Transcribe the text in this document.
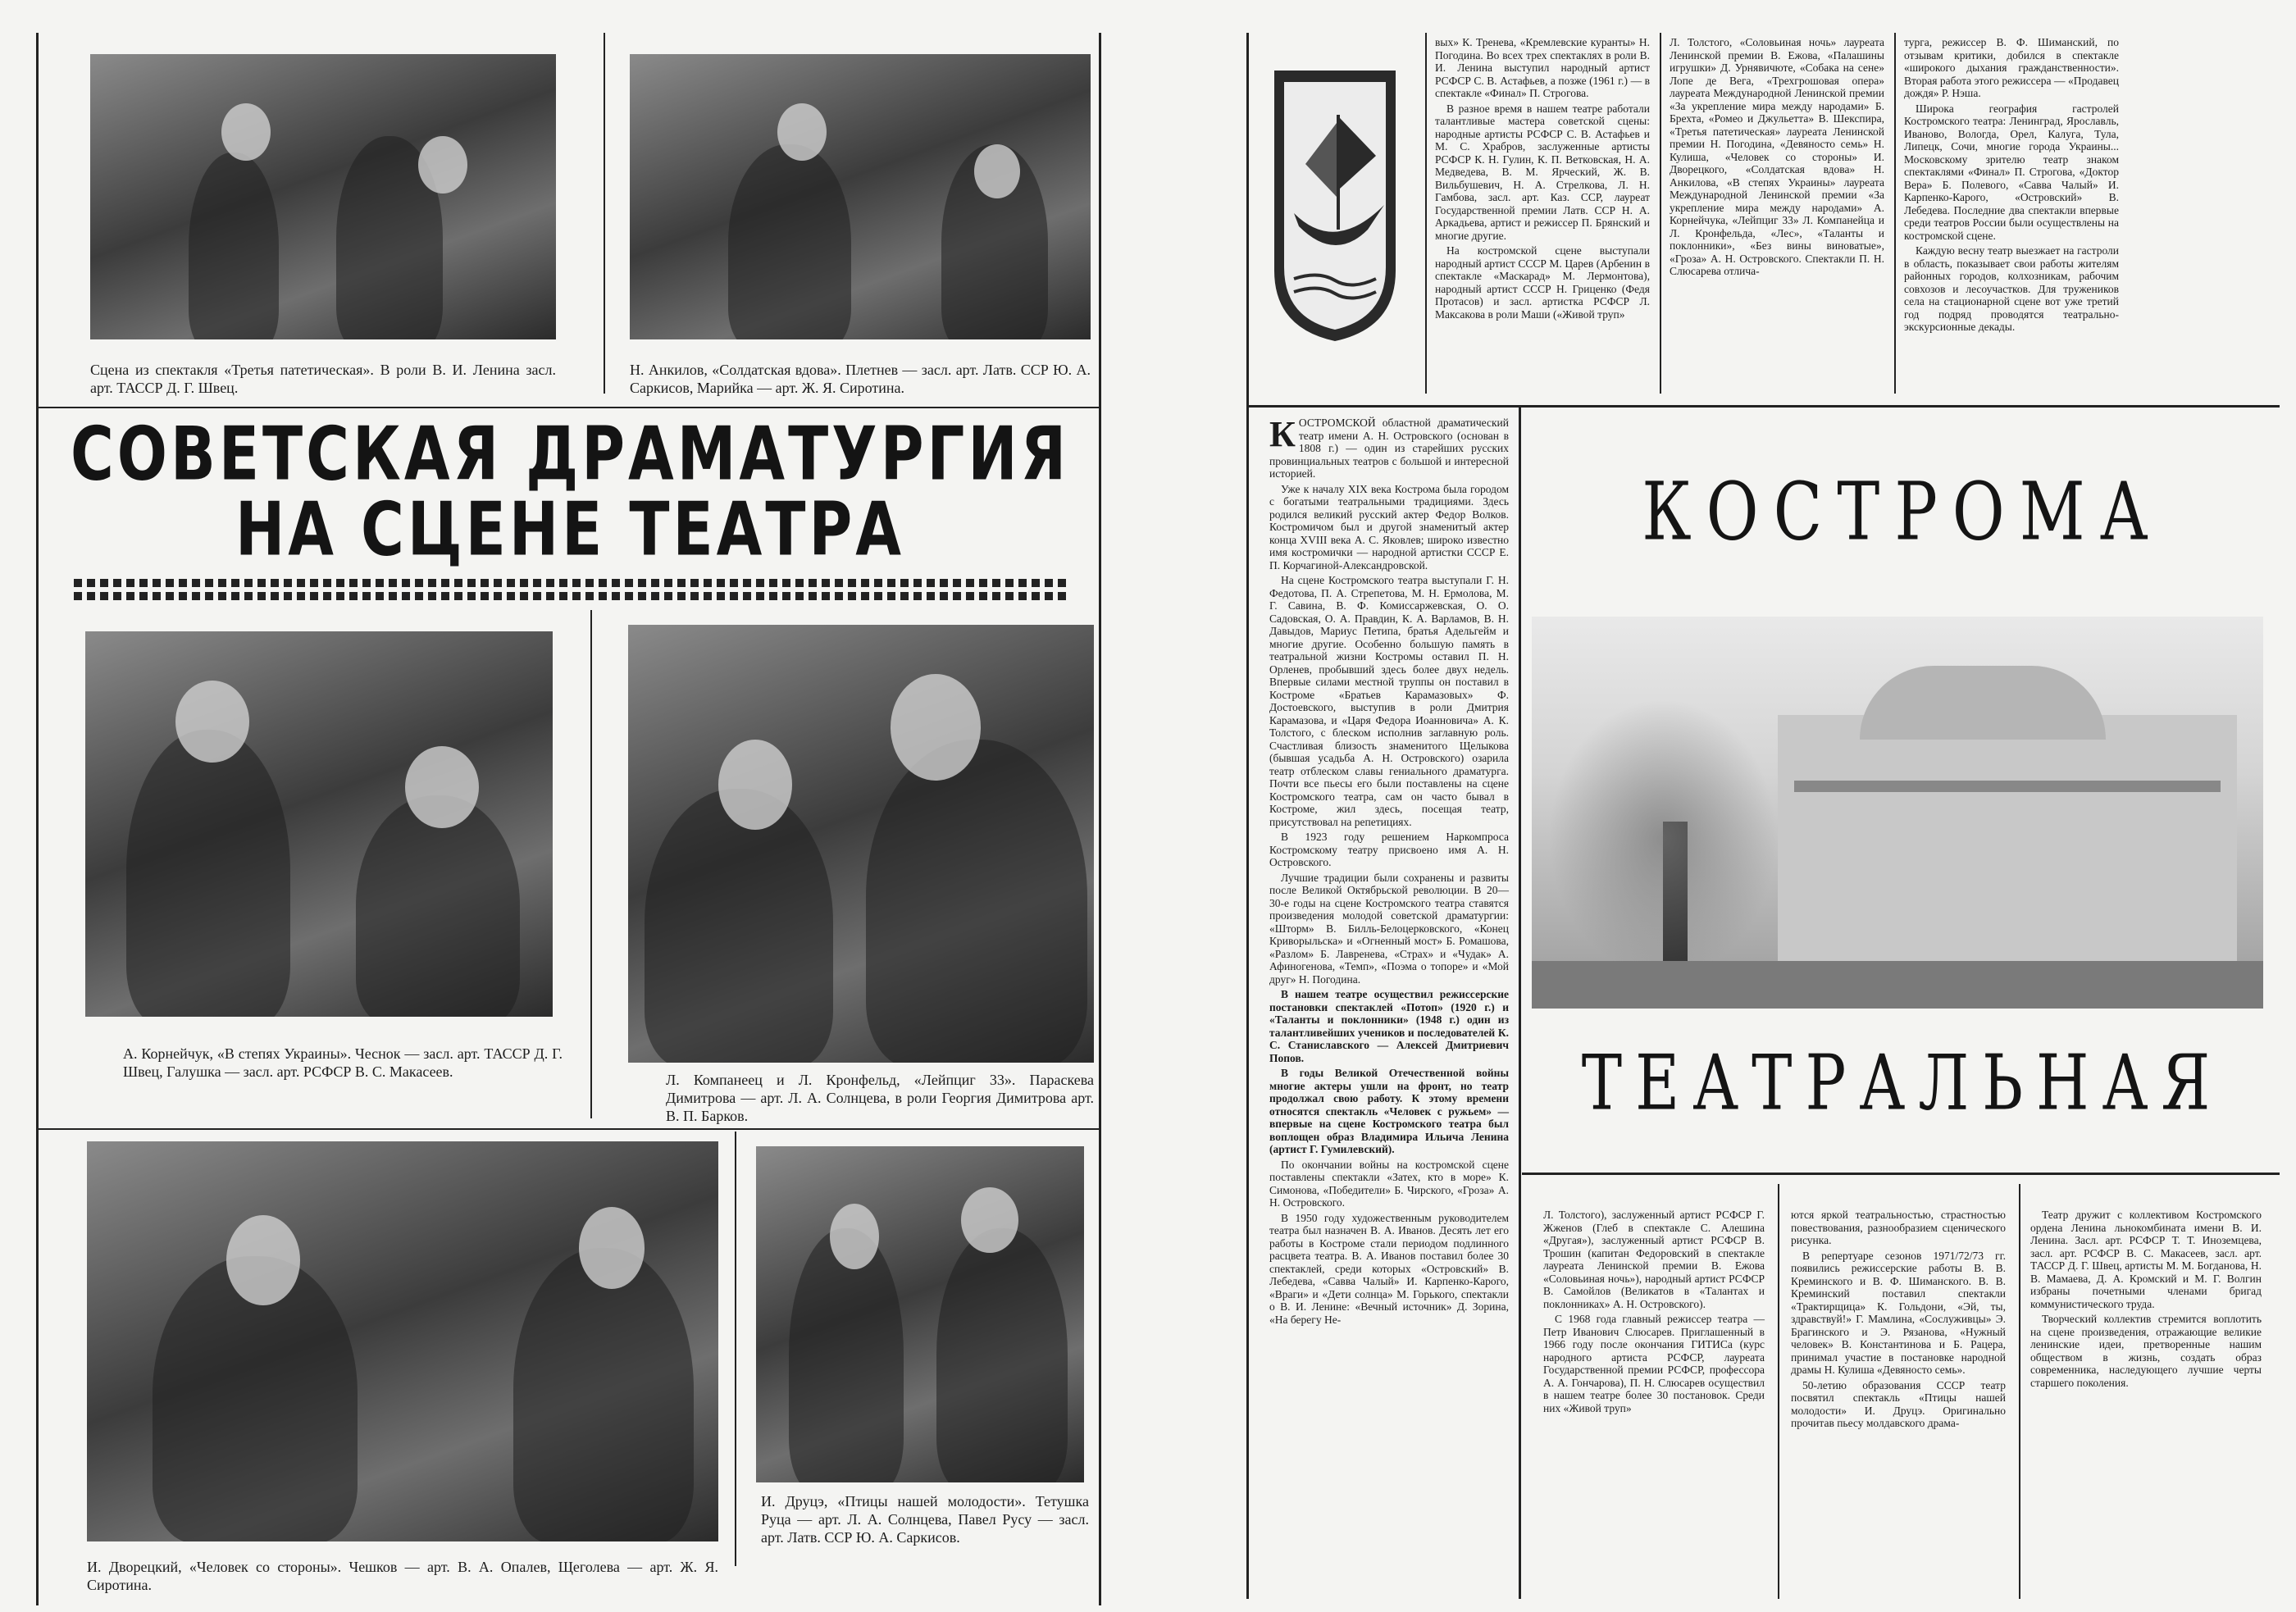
Сцена из спектакля «Третья патетическая». В роли В. И. Ленина засл. арт. ТАССР Д. Г. Швец.
Н. Анкилов, «Солдатская вдова». Плетнев — засл. арт. Латв. ССР Ю. А. Саркисов, Марийка — арт. Ж. Я. Сиротина.
СОВЕТСКАЯ ДРАМАТУРГИЯ
НА СЦЕНЕ ТЕАТРА
А. Корнейчук, «В степях Украины». Чеснок — засл. арт. ТАССР Д. Г. Швец, Галушка — засл. арт. РСФСР В. С. Макасеев.	Л. Компанеец и Л. Кронфельд, «Лейпциг 33». Параскева Димитрова — арт. Л. А. Солнцева, в роли Георгия Димитрова арт. В. П. Барков.
И. Друцэ, «Птицы нашей молодости». Тетушка Руца — арт. Л. А. Солнцева, Павел Русу — засл. арт. Латв. ССР Ю. А. Саркисов.
И. Дворецкий, «Человек со стороны». Чешков — арт. В. А. Опалев, Щеголева — арт. Ж. Я. Сиротина.

вых» К. Тренева, «Кремлевские куранты» Н. Погодина. Во всех трех спектаклях в роли В. И. Ленина выступил народный артист РСФСР С. В. Астафьев, а позже (1961 г.) — в спектакле «Финал» П. Строгова.

В разное время в нашем театре работали талантливые мастера советской сцены: народные артисты РСФСР С. В. Астафьев и М. С. Храбров, заслуженные артисты РСФСР К. Н. Гулин, К. П. Ветковская, Н. А. Медведева, В. М. Ярческий, Ж. В. Вильбушевич, Н. А. Стрелкова, Л. Н. Гамбова, засл. арт. Каз. ССР, лауреат Государственной премии Латв. ССР Н. А. Аркадьева, артист и режиссер П. Брянский и многие другие.

На костромской сцене выступали народный артист СССР М. Царев (Арбенин в спектакле «Маскарад» М. Лермонтова), народный артист СССР Н. Гриценко (Федя Протасов) и засл. артистка РСФСР Л. Максакова в роли Маши («Живой труп»

Л. Толстого, «Соловьиная ночь» лауреата Ленинской премии В. Ежова, «Палашины игрушки» Д. Урнявичюте, «Собака на сене» Лопе де Вега, «Трехгрошовая опера» лауреата Международной Ленинской премии «За укрепление мира между народами» Б. Брехта, «Ромео и Джульетта» В. Шекспира, «Третья патетическая» лауреата Ленинской премии Н. Погодина, «Девяносто семь» Н. Кулиша, «Человек со стороны» И. Дворецкого, «Солдатская вдова» Н. Анкилова, «В степях Украины» лауреата Международной Ленинской премии «За укрепление мира между народами» А. Корнейчука, «Лейпциг 33» Л. Компанейца и Л. Кронфельда, «Лес», «Таланты и поклонники», «Без вины виноватые», «Гроза» А. Н. Островского. Спектакли П. Н. Слюсарева отлича-

турга, режиссер В. Ф. Шиманский, по отзывам критики, добился в спектакле «широкого дыхания гражданственности». Вторая работа этого режиссера — «Продавец дождя» Р. Нэша.

Широка география гастролей Костромского театра: Ленинград, Ярославль, Иваново, Вологда, Орел, Калуга, Тула, Липецк, Сочи, многие города Украины... Московскому зрителю театр знаком спектаклями «Финал» П. Строгова, «Доктор Вера» Б. Полевого, «Савва Чалый» И. Карпенко-Карого, «Островский» В. Лебедева. Последние два спектакли впервые среди театров России были осуществлены на костромской сцене.

Каждую весну театр выезжает на гастроли в область, показывает свои работы жителям районных городов, колхозникам, рабочим совхозов и лесоучастков. Для тружеников села на стационарной сцене вот уже третий год подряд проводятся театрально-экскурсионные декады.

КОСТРОМСКОЙ областной драматический театр имени А. Н. Островского (основан в 1808 г.) — один из старейших русских провинциальных театров с большой и интересной историей.

Уже к началу XIX века Кострома была городом с богатыми театральными традициями. Здесь родился великий русский актер Федор Волков. Костромичом был и другой знаменитый актер конца XVIII века А. С. Яковлев; широко известно имя костромички — народной артистки СССР Е. П. Корчагиной-Александровской.

На сцене Костромского театра выступали Г. Н. Федотова, П. А. Стрепетова, М. Н. Ермолова, М. Г. Савина, В. Ф. Комиссаржевская, О. О. Садовская, О. А. Правдин, К. А. Варламов, В. Н. Давыдов, Мариус Петипа, братья Адельгейм и многие другие. Особенно большую память в театральной жизни Костромы оставил П. Н. Орленев, пробывший здесь более двух недель. Впервые силами местной труппы он поставил в Костроме «Братьев Карамазовых» Ф. Достоевского, выступив в роли Дмитрия Карамазова, и «Царя Федора Иоанновича» А. К. Толстого, с блеском исполнив заглавную роль. Счастливая близость знаменитого Щелыкова (бывшая усадьба А. Н. Островского) озарила театр отблеском славы гениального драматурга. Почти все пьесы его были поставлены на сцене Костромского театра, сам он часто бывал в Костроме, жил здесь, посещая театр, присутствовал на репетициях.

В 1923 году решением Наркомпроса Костромскому театру присвоено имя А. Н. Островского.

Лучшие традиции были сохранены и развиты после Великой Октябрьской революции. В 20—30-е годы на сцене Костромского театра ставятся произведения молодой советской драматургии: «Шторм» В. Билль-Белоцерковского, «Конец Криворыльска» и «Огненный мост» Б. Ромашова, «Разлом» Б. Лавренева, «Страх» и «Чудак» А. Афиногенова, «Темп», «Поэма о топоре» и «Мой друг» Н. Погодина.

В нашем театре осуществил режиссерские постановки спектаклей «Потоп» (1920 г.) и «Таланты и поклонники» (1948 г.) один из талантливейших учеников и последователей К. С. Станиславского — Алексей Дмитриевич Попов.

В годы Великой Отечественной войны многие актеры ушли на фронт, но театр продолжал свою работу. К этому времени относятся спектакль «Человек с ружьем» — впервые на сцене Костромского театра был воплощен образ Владимира Ильича Ленина (артист Г. Гумилевский).

По окончании войны на костромской сцене поставлены спектакли «Затех, кто в море» К. Симонова, «Победители» Б. Чирского, «Гроза» А. Н. Островского.

В 1950 году художественным руководителем театра был назначен В. А. Иванов. Десять лет его работы в Костроме стали периодом подлинного расцвета театра. В. А. Иванов поставил более 30 спектаклей, среди которых «Островский» В. Лебедева, «Савва Чалый» И. Карпенко-Карого, «Враги» и «Дети солнца» М. Горького, спектакли о В. И. Ленине: «Вечный источник» Д. Зорина, «На берегу Не-

КОСТРОМА
ТЕАТРАЛЬНАЯ

Л. Толстого), заслуженный артист РСФСР Г. Жженов (Глеб в спектакле С. Алешина «Другая»), заслуженный артист РСФСР В. Трошин (капитан Федоровский в спектакле лауреата Ленинской премии В. Ежова «Соловьиная ночь»), народный артист РСФСР В. Самойлов (Великатов в «Талантах и поклонниках» А. Н. Островского).

С 1968 года главный режиссер театра — Петр Иванович Слюсарев. Приглашенный в 1966 году после окончания ГИТИСа (курс народного артиста РСФСР, лауреата Государственной премии РСФСР, профессора А. А. Гончарова), П. Н. Слюсарев осуществил в нашем театре более 30 постановок. Среди них «Живой труп»

ются яркой театральностью, страстностью повествования, разнообразием сценического рисунка.

В репертуаре сезонов 1971/72/73 гг. появились режиссерские работы В. В. Креминского и В. Ф. Шиманского. В. В. Креминский поставил спектакли «Трактирщица» К. Гольдони, «Эй, ты, здравствуй!» Г. Мамлина, «Сослуживцы» Э. Брагинского и Э. Рязанова, «Нужный человек» В. Константинова и Б. Рацера, принимал участие в постановке народной драмы Н. Кулиша «Девяносто семь».

50-летию образования СССР театр посвятил спектакль «Птицы нашей молодости» И. Друцэ. Оригинально прочитав пьесу молдавского драма-

Театр дружит с коллективом Костромского ордена Ленина льнокомбината имени В. И. Ленина. Засл. арт. РСФСР Т. Т. Иноземцева, засл. арт. РСФСР В. С. Макасеев, засл. арт. ТАССР Д. Г. Швец, артисты М. М. Богданова, Н. В. Мамаева, Д. А. Кромский и М. Г. Волгин избраны почетными членами бригад коммунистического труда.

Творческий коллектив стремится воплотить на сцене произведения, отражающие великие ленинские идеи, претворенные нашим обществом в жизнь, создать образ современника, наследующего лучшие черты старшего поколения.
